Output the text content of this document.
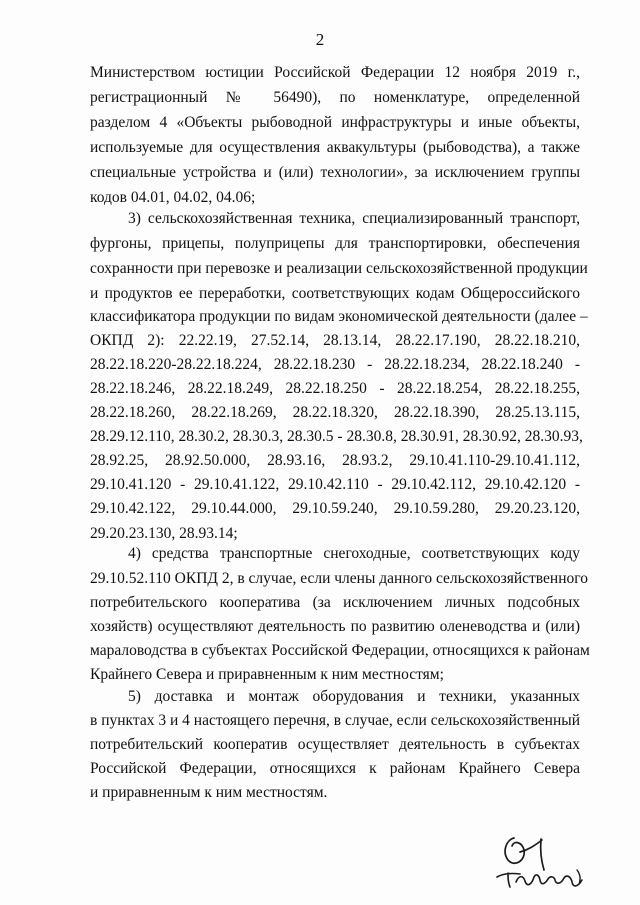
2
Министерством юстиции Российской Федерации 12 ноября 2019 г.,
регистрационный № 56490), по номенклатуре, определенной
разделом 4 «Объекты рыбоводной инфраструктуры и иные объекты,
используемые для осуществления аквакультуры (рыбоводства), а также
специальные устройства и (или) технологии», за исключением группы
кодов 04.01, 04.02, 04.06;
3) сельскохозяйственная техника, специализированный транспорт,
фургоны, прицепы, полуприцепы для транспортировки, обеспечения
сохранности при перевозке и реализации сельскохозяйственной продукции
и продуктов ее переработки, соответствующих кодам Общероссийского
классификатора продукции по видам экономической деятельности (далее –
ОКПД 2): 22.22.19, 27.52.14, 28.13.14, 28.22.17.190, 28.22.18.210,
28.22.18.220-28.22.18.224, 28.22.18.230 - 28.22.18.234, 28.22.18.240 -
28.22.18.246, 28.22.18.249, 28.22.18.250 - 28.22.18.254, 28.22.18.255,
28.22.18.260, 28.22.18.269, 28.22.18.320, 28.22.18.390, 28.25.13.115,
28.29.12.110, 28.30.2, 28.30.3, 28.30.5 - 28.30.8, 28.30.91, 28.30.92, 28.30.93,
28.92.25, 28.92.50.000, 28.93.16, 28.93.2, 29.10.41.110-29.10.41.112,
29.10.41.120 - 29.10.41.122, 29.10.42.110 - 29.10.42.112, 29.10.42.120 -
29.10.42.122, 29.10.44.000, 29.10.59.240, 29.10.59.280, 29.20.23.120,
29.20.23.130, 28.93.14;
4) средства транспортные снегоходные, соответствующих коду
29.10.52.110 ОКПД 2, в случае, если члены данного сельскохозяйственного
потребительского кооператива (за исключением личных подсобных
хозяйств) осуществляют деятельность по развитию оленеводства и (или)
мараловодства в субъектах Российской Федерации, относящихся к районам
Крайнего Севера и приравненным к ним местностям;
5) доставка и монтаж оборудования и техники, указанных
в пунктах 3 и 4 настоящего перечня, в случае, если сельскохозяйственный
потребительский кооператив осуществляет деятельность в субъектах
Российской Федерации, относящихся к районам Крайнего Севера
и приравненным к ним местностям.
